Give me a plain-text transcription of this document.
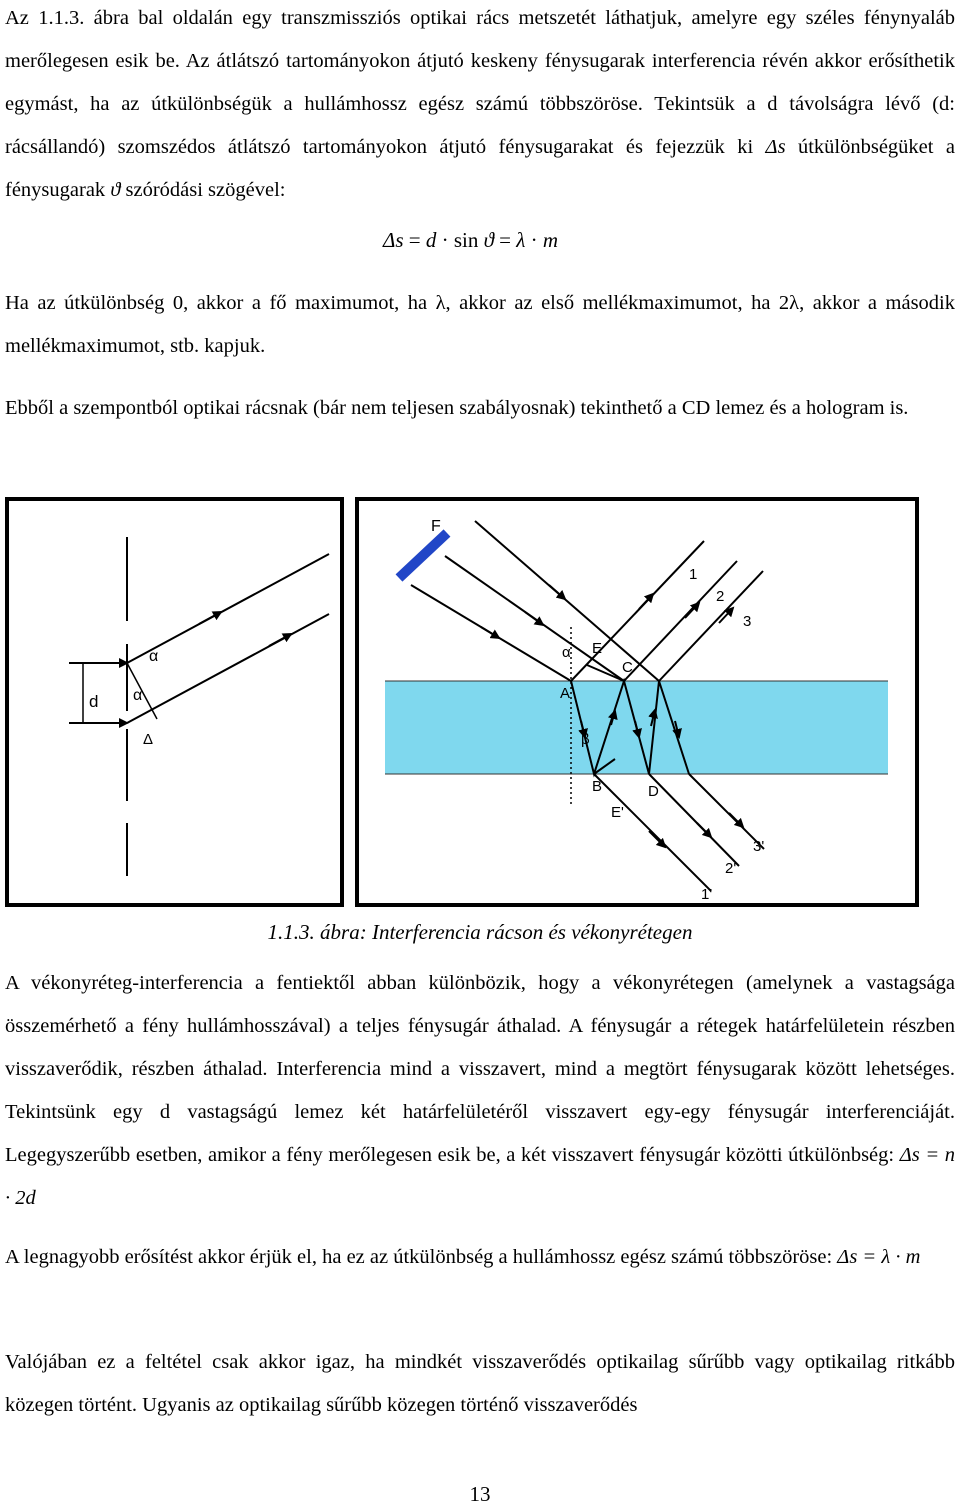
Az 1.1.3. ábra bal oldalán egy transzmissziós optikai rács metszetét láthatjuk, amelyre egy széles fénynyaláb merőlegesen esik be. Az átlátszó tartományokon átjutó keskeny fénysugarak interferencia révén akkor erősíthetik egymást, ha az útkülönbségük a hullámhossz egész számú többszöröse. Tekintsük a d távolságra lévő (d: rácsállandó) szomszédos átlátszó tartományokon átjutó fénysugarakat és fejezzük ki Δs útkülönbségüket a fénysugarak ϑ szóródási szögével:

Δs = d · sin ϑ = λ · m

Ha az útkülönbség 0, akkor a fő maximumot, ha λ, akkor az első mellékmaximumot, ha 2λ, akkor a második mellékmaximumot, stb. kapjuk.

Ebből a szempontból optikai rácsnak (bár nem teljesen szabályosnak) tekinthető a CD lemez és a hologram is.

α
α
d
Δ
F
1
2
3
α E
C
A
β
B	D
E'
3'
2'
1'
1.1.3. ábra: Interferencia rácson és vékonyrétegen

A vékonyréteg-interferencia a fentiektől abban különbözik, hogy a vékonyrétegen (amelynek a vastagsága összemérhető a fény hullámhosszával) a teljes fénysugár áthalad. A fénysugár a rétegek határfelületein részben visszaverődik, részben áthalad. Interferencia mind a visszavert, mind a megtört fénysugarak között lehetséges. Tekintsünk egy d vastagságú lemez két határfelületéről visszavert egy-egy fénysugár interferenciáját. Legegyszerűbb esetben, amikor a fény merőlegesen esik be, a két visszavert fénysugár közötti útkülönbség: Δs = n · 2d

A legnagyobb erősítést akkor érjük el, ha ez az útkülönbség a hullámhossz egész számú többszöröse: Δs = λ · m

Valójában ez a feltétel csak akkor igaz, ha mindkét visszaverődés optikailag sűrűbb vagy optikailag ritkább közegen történt. Ugyanis az optikailag sűrűbb közegen történő visszaverődés

13
